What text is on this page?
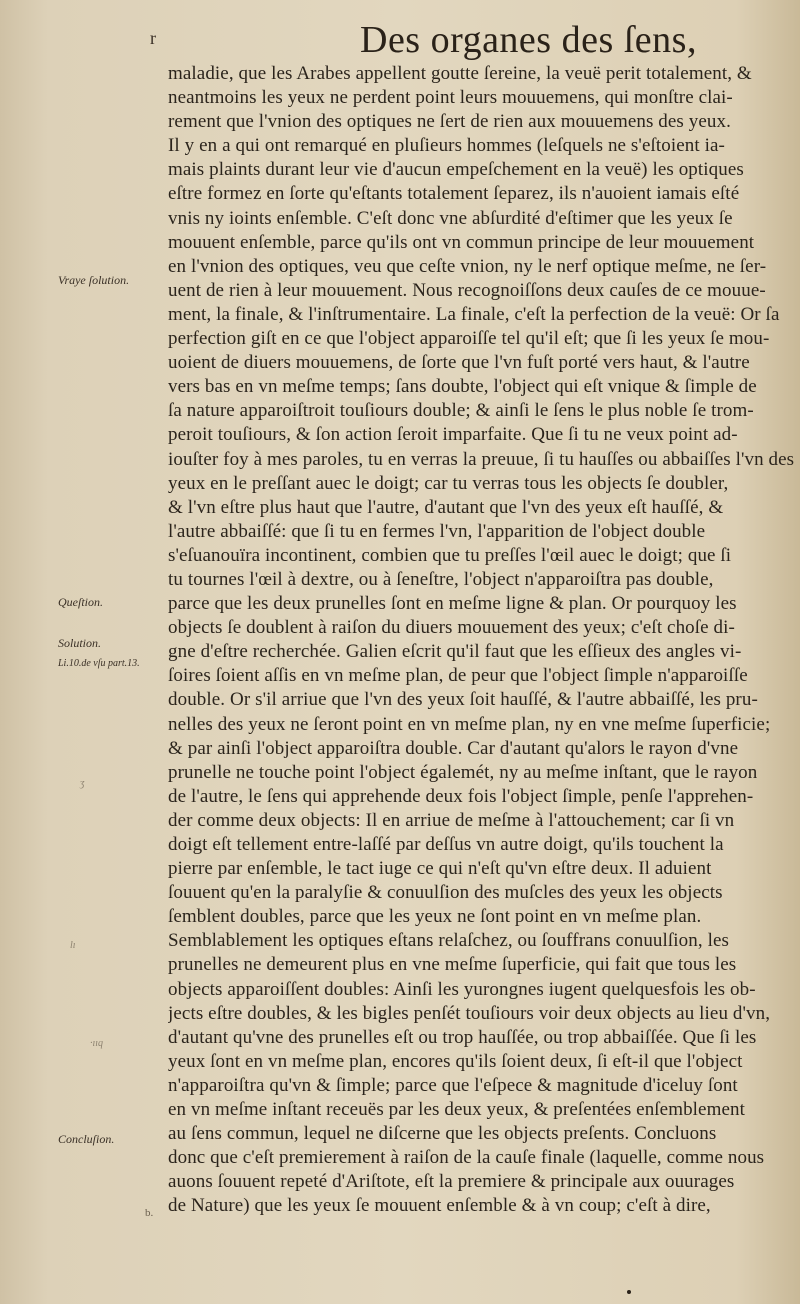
r	Des organes des ſens,
Vraye ſolution.
Queſtion.
Solution.
Li.10.de vſu part.13.
ʒ
lı
·ııq
Concluſion.
maladie, que les Arabes appellent goutte ſereine, la veuë perit totalement, &
neantmoins les yeux ne perdent point leurs mouuemens, qui monſtre clai-
rement que l'vnion des optiques ne ſert de rien aux mouuemens des yeux.
Il y en a qui ont remarqué en pluſieurs hommes (leſquels ne s'eſtoient ia-
mais plaints durant leur vie d'aucun empeſchement en la veuë) les optiques
eſtre formez en ſorte qu'eſtants totalement ſeparez, ils n'auoient iamais eſté
vnis ny ioints enſemble. C'eſt donc vne abſurdité d'eſtimer que les yeux ſe
mouuent enſemble, parce qu'ils ont vn commun principe de leur mouuement
en l'vnion des optiques, veu que ceſte vnion, ny le nerf optique meſme, ne ſer-
uent de rien à leur mouuement. Nous recognoiſſons deux cauſes de ce mouue-
ment, la finale, & l'inſtrumentaire. La finale, c'eſt la perfection de la veuë: Or ſa
perfection giſt en ce que l'object apparoiſſe tel qu'il eſt; que ſi les yeux ſe mou-
uoient de diuers mouuemens, de ſorte que l'vn fuſt porté vers haut, & l'autre
vers bas en vn meſme temps; ſans doubte, l'object qui eſt vnique & ſimple de
ſa nature apparoiſtroit touſiours double; & ainſi le ſens le plus noble ſe trom-
peroit touſiours, & ſon action ſeroit imparfaite. Que ſi tu ne veux point ad-
iouſter foy à mes paroles, tu en verras la preuue, ſi tu hauſſes ou abbaiſſes l'vn des
yeux en le preſſant auec le doigt; car tu verras tous les objects ſe doubler,
& l'vn eſtre plus haut que l'autre, d'autant que l'vn des yeux eſt hauſſé, &
l'autre abbaiſſé: que ſi tu en fermes l'vn, l'apparition de l'object double
s'eſuanouïra incontinent, combien que tu preſſes l'œil auec le doigt; que ſi
tu tournes l'œil à dextre, ou à ſeneſtre, l'object n'apparoiſtra pas double,
parce que les deux prunelles ſont en meſme ligne & plan. Or pourquoy les
objects ſe doublent à raiſon du diuers mouuement des yeux; c'eſt choſe di-
gne d'eſtre recherchée. Galien eſcrit qu'il faut que les eſſieux des angles vi-
ſoires ſoient aſſis en vn meſme plan, de peur que l'object ſimple n'apparoiſſe
double. Or s'il arriue que l'vn des yeux ſoit hauſſé, & l'autre abbaiſſé, les pru-
nelles des yeux ne ſeront point en vn meſme plan, ny en vne meſme ſuperficie;
& par ainſi l'object apparoiſtra double. Car d'autant qu'alors le rayon d'vne
prunelle ne touche point l'object égalemét, ny au meſme inſtant, que le rayon
de l'autre, le ſens qui apprehende deux fois l'object ſimple, penſe l'apprehen-
der comme deux objects: Il en arriue de meſme à l'attouchement; car ſi vn
doigt eſt tellement entre-laſſé par deſſus vn autre doigt, qu'ils touchent la
pierre par enſemble, le tact iuge ce qui n'eſt qu'vn eſtre deux. Il aduient
ſouuent qu'en la paralyſie & conuulſion des muſcles des yeux les objects
ſemblent doubles, parce que les yeux ne ſont point en vn meſme plan.
Semblablement les optiques eſtans relaſchez, ou ſouffrans conuulſion, les
prunelles ne demeurent plus en vne meſme ſuperficie, qui fait que tous les
objects apparoiſſent doubles: Ainſi les yurongnes iugent quelquesfois les ob-
jects eſtre doubles, & les bigles penſét touſiours voir deux objects au lieu d'vn,
d'autant qu'vne des prunelles eſt ou trop hauſſée, ou trop abbaiſſée. Que ſi les
yeux ſont en vn meſme plan, encores qu'ils ſoient deux, ſi eſt-il que l'object
n'apparoiſtra qu'vn & ſimple; parce que l'eſpece & magnitude d'iceluy ſont
en vn meſme inſtant receuës par les deux yeux, & preſentées enſemblement
au ſens commun, lequel ne diſcerne que les objects preſents. Concluons
donc que c'eſt premierement à raiſon de la cauſe finale (laquelle, comme nous
auons ſouuent repeté d'Ariſtote, eſt la premiere & principale aux ouurages
de Nature) que les yeux ſe mouuent enſemble & à vn coup; c'eſt à dire,
b.
